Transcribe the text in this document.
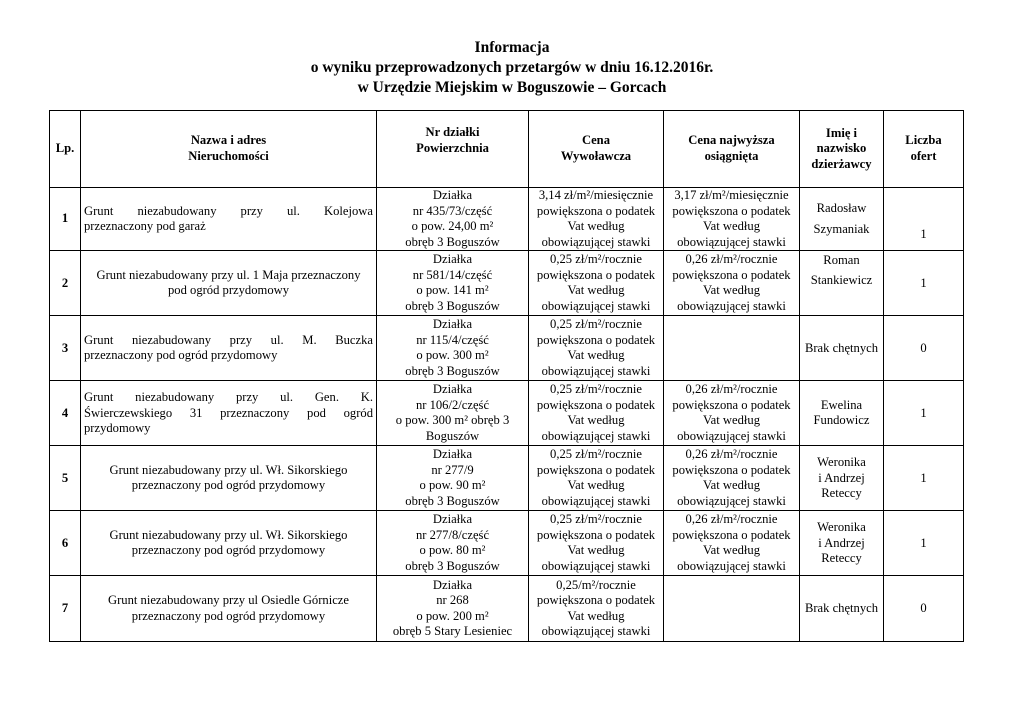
Informacja
o wyniku przeprowadzonych przetargów w dniu 16.12.2016r.
w Urzędzie Miejskim w Boguszowie – Gorcach
Lp.	Nazwa i adres
Nieruchomości	Nr działki
Powierzchnia	Cena
Wywoławcza	Cena najwyższa
osiągnięta	Imię i
nazwisko
dzierżawcy	Liczba
ofert

1	Grunt niezabudowany przy ul. Kolejowa
przeznaczony pod garaż	Działka
nr 435/73/część
o pow. 24,00 m²
obręb 3 Boguszów	3,14 zł/m²/miesięcznie
powiększona o podatek
Vat według
obowiązującej stawki	3,17 zł/m²/miesięcznie
powiększona o podatek
Vat według
obowiązującej stawki	Radosław
Szymaniak	1
2	Grunt niezabudowany przy ul. 1 Maja przeznaczony
pod ogród przydomowy	Działka
nr 581/14/część
o pow. 141 m²
obręb 3 Boguszów	0,25 zł/m²/rocznie
powiększona o podatek
Vat według
obowiązującej stawki	0,26 zł/m²/rocznie
powiększona o podatek
Vat według
obowiązującej stawki	Roman
Stankiewicz	1
3	Grunt niezabudowany przy ul. M. Buczka
przeznaczony pod ogród przydomowy	Działka
nr 115/4/część
o pow. 300 m²
obręb 3 Boguszów	0,25 zł/m²/rocznie
powiększona o podatek
Vat według
obowiązującej stawki		Brak chętnych	0
4	Grunt niezabudowany przy ul. Gen. K.
Świerczewskiego 31 przeznaczony pod ogród
przydomowy	Działka
nr 106/2/część
o pow. 300 m² obręb 3
Boguszów	0,25 zł/m²/rocznie
powiększona o podatek
Vat według
obowiązującej stawki	0,26 zł/m²/rocznie
powiększona o podatek
Vat według
obowiązującej stawki	Ewelina
Fundowicz	1
5	Grunt niezabudowany przy ul. Wł. Sikorskiego
przeznaczony pod ogród przydomowy	Działka
nr 277/9
o pow. 90 m²
obręb 3 Boguszów	0,25 zł/m²/rocznie
powiększona o podatek
Vat według
obowiązującej stawki	0,26 zł/m²/rocznie
powiększona o podatek
Vat według
obowiązującej stawki	Weronika
i Andrzej
Reteccy	1
6	Grunt niezabudowany przy ul. Wł. Sikorskiego
przeznaczony pod ogród przydomowy	Działka
nr 277/8/część
o pow. 80 m²
obręb 3 Boguszów	0,25 zł/m²/rocznie
powiększona o podatek
Vat według
obowiązującej stawki	0,26 zł/m²/rocznie
powiększona o podatek
Vat według
obowiązującej stawki	Weronika
i Andrzej
Reteccy	1
7	Grunt niezabudowany przy ul Osiedle Górnicze
przeznaczony pod ogród przydomowy	Działka
nr 268
o pow. 200 m²
obręb 5 Stary Lesieniec	0,25/m²/rocznie
powiększona o podatek
Vat według
obowiązującej stawki		Brak chętnych	0
